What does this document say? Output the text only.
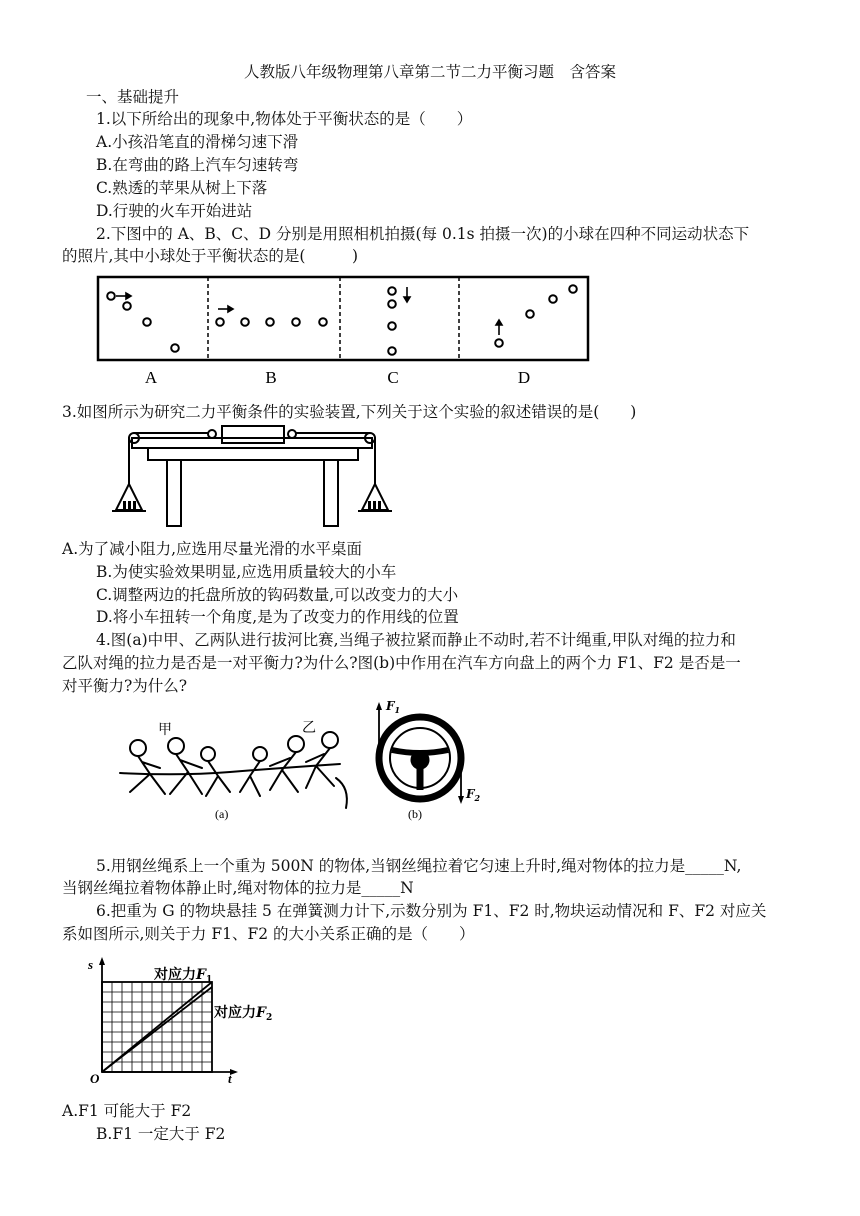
人教版八年级物理第八章第二节二力平衡习题　含答案
一、基础提升
1.以下所给出的现象中,物体处于平衡状态的是（　　）
A.小孩沿笔直的滑梯匀速下滑
B.在弯曲的路上汽车匀速转弯
C.熟透的苹果从树上下落
D.行驶的火车开始进站
2.下图中的 A、B、C、D 分别是用照相机拍摄(每 0.1s 拍摄一次)的小球在四种不同运动状态下
的照片,其中小球处于平衡状态的是(　　　)
A	B	C	D
3.如图所示为研究二力平衡条件的实验装置,下列关于这个实验的叙述错误的是(　　)
A.为了减小阻力,应选用尽量光滑的水平桌面
B.为使实验效果明显,应选用质量较大的小车
C.调整两边的托盘所放的钩码数量,可以改变力的大小
D.将小车扭转一个角度,是为了改变力的作用线的位置
4.图(a)中甲、乙两队进行拔河比赛,当绳子被拉紧而静止不动时,若不计绳重,甲队对绳的拉力和
乙队对绳的拉力是否是一对平衡力?为什么?图(b)中作用在汽车方向盘上的两个力 F1、F2 是否是一
对平衡力?为什么?
甲	乙
(a)
$F_1$
$F_2$
(b)
5.用钢丝绳系上一个重为 500N 的物体,当钢丝绳拉着它匀速上升时,绳对物体的拉力是_____N,
当钢丝绳拉着物体静止时,绳对物体的拉力是_____N
6.把重为 G 的物块悬挂 5 在弹簧测力计下,示数分别为 F1、F2 时,物块运动情况和 F、F2 对应关
系如图所示,则关于力 F1、F2 的大小关系正确的是（　　）
s
t
O
对应力$F_1$
对应力$F_2$
A.F1 可能大于 F2
B.F1 一定大于 F2
